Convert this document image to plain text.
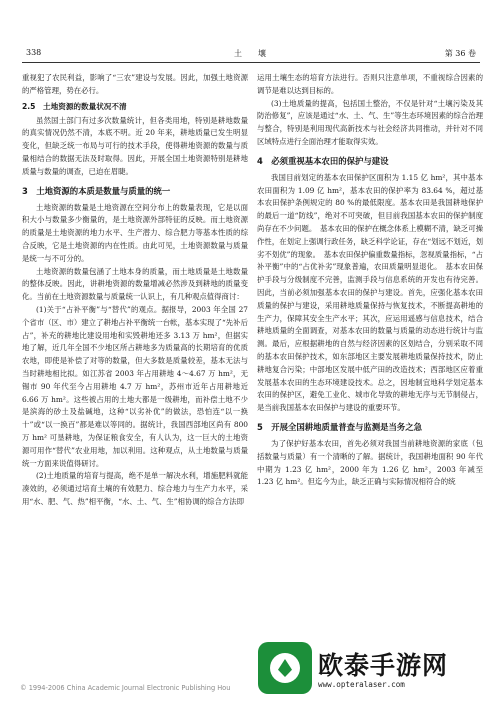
338	土　　壤	第 36 卷

重视犯了农民利益，影响了“三农”建设与发展。因此，加强土地资源的严格管理，势在必行。

2.5　土地资源的数量状况不清

虽然国土部门有过多次数量统计，但各类用地，特别是耕地数量的真实情况仍然不清，本底不明。近 20 年来，耕地质量已发生明显变化，但缺乏统一布局与可行的技术手段，使得耕地资源的数量与质量相结合的数据无法及时取得。因此，开展全国土地资源特别是耕地质量与数量的调查，已迫在眉睫。

3　土地资源的本质是数量与质量的统一

土地资源的数量是土地资源在空间分布上的数量表现，它是以面积大小与数量多少衡量的，是土地资源外部特征的反映。而土地资源的质量是土地资源的地力水平、生产潜力、综合肥力等基本性质的综合反映，它是土地资源的内在性质。由此可见，土地资源数量与质量是统一与不可分的。

土地资源的数量包涵了土地本身的质量，而土地质量是土地数量的整体反映。因此，讲耕地资源的数量增减必然涉及到耕地的质量变化。当前在土地资源数量与质量统一认识上，有几种观点值得商讨：

(1)关于“占补平衡”与“替代”的观点。据报导，2003 年全国 27 个省市（区、市）建立了耕地占补平衡统一台帐，基本实现了“先补后占”，补充的耕地比建设用地和实毁耕地还多 3.13 万 hm²，但据实地了解，近几年全国不少地区所占耕地多为质量高的长期培育的优质农地，即使是补偿了对等的数量，但大多数是质量较差，基本无法与当时耕地相比拟。如江苏省 2003 年占用耕地 4～4.67 万 hm²，无锡市 90 年代至今占用耕地 4.7 万 hm²，苏州市近年占用耕地近 6.66 万 hm²。这些被占用的土地大都是一级耕地，而补偿土地不少是滨海的砂土及盐碱地，这种“以劣补优”的做法，恐怕连“以一换十”或“以一换百”都是难以等同的。据统计，我国西部地区尚有 800 万 hm² 可垦耕地，为保证粮食安全，有人认为，这一巨大的土地资源可用作“替代”农业用地，加以利用。这种观点，从土地数量与质量统一方面来说值得研讨。

(2)土地质量的培育与提高，绝不是单一解决水利，增施肥料就能凑效的，必须通过培育土壤的有效肥力、综合地力与生产力水平，采用“水、肥、气、热”相平衡，“水、土、气、生”相协调的综合方法即

运用土壤生态的培育方法进行。否则只注意单项，不重视综合因素的调节是难以达到目标的。

(3)土地质量的提高，包括国土整治，不仅是针对“土壤污染及其防治修复”，应该是通过“水、土、气、生”等生态环境因素的综合治理与整合，特别是利用现代高新技术与社会经济共同推动，并针对不同区域特点进行全面治理才能取得实效。

4　必须重视基本农田的保护与建设

我国目前划定的基本农田保护区面积为 1.15 亿 hm²，其中基本农田面积为 1.09 亿 hm²，基本农田的保护率为 83.64 %，超过基本农田保护条例规定的 80 %的最低限度。基本农田是我国耕地保护的最后一道“防线”，绝对不可突破，但目前我国基本农田的保护制度尚存在不少问题。　基本农田的保护在概念体系上模糊不清，缺乏可操作性，在划定上强调行政任务，缺乏科学论证，存在“划远不划近，划劣不划优”的现象。　基本农田保护偏重数量指标，忽视质量指标，“占补平衡”中的“占优补劣”现象普遍，农田质量明显退化。　基本农田保护手段与分级制度不完善，监测手段与信息系统的开发也有待完善。因此，当前必须加强基本农田的保护与建设。首先，应强化基本农田质量的保护与建设，采用耕地质量保持与恢复技术，不断提高耕地的生产力，保障其安全生产水平；其次，应运用遥感与信息技术，结合耕地质量的全面调查，对基本农田的数量与质量的动态进行统计与监测。最后，应根据耕地的自然与经济因素的区划结合，分别采取不同的基本农田保护技术，如东部地区主要发展耕地质量保持技术，防止耕地复合污染；中部地区发展中低产田的改造技术；西部地区应着重发展基本农田的生态环境建设技术。总之，因地制宜地科学划定基本农田的保护区，避免工业化、城市化导致的耕地无序与无节制侵占，是当前我国基本农田保护与建设的重要环节。

5　开展全国耕地质量普查与监测是当务之急

为了保护好基本农田，首先必须对我国当前耕地资源的家底（包括数量与质量）有一个清晰的了解。据统计，我国耕地面积 90 年代中期为 1.23 亿 hm²，2000 年为 1.26 亿 hm²，2003 年减至 1.23 亿 hm²。但迄今为止，缺乏正确与实际情况相符合的统

© 1994-2006 China Academic Journal Electronic Publishing Hou
欧泰手游网
www.opteralaser.com
